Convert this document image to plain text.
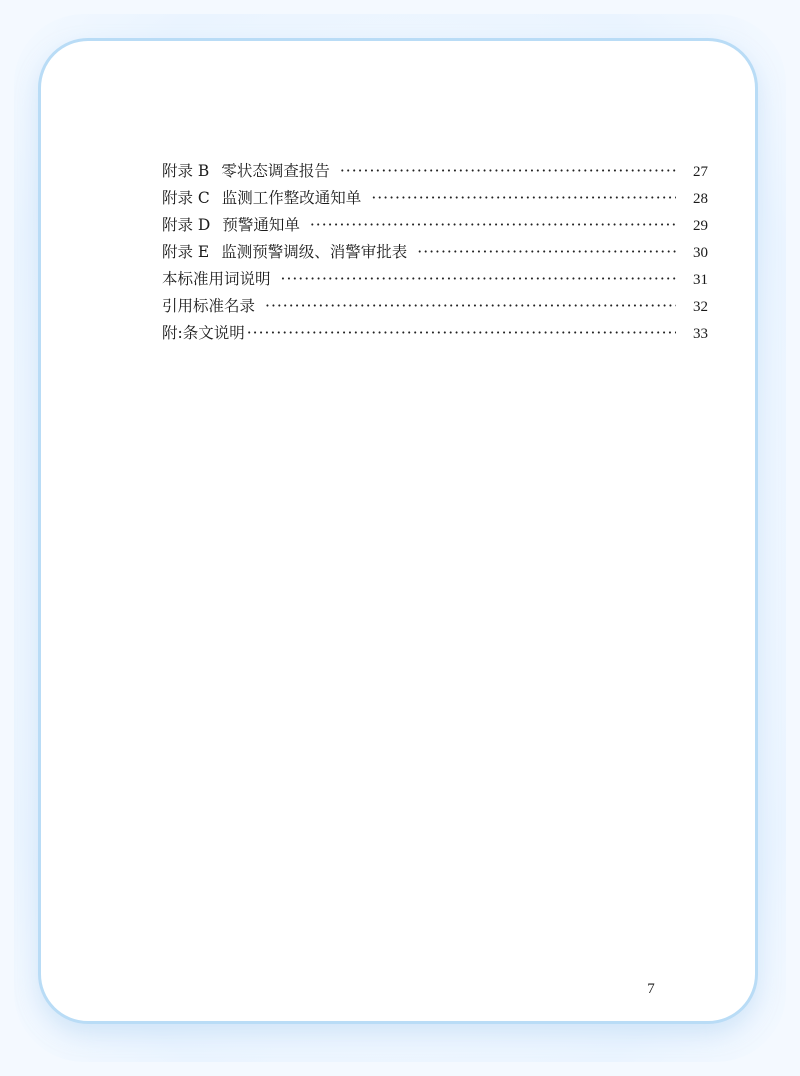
附录 B 零状态调查报告 ·····	27
附录 C 监测工作整改通知单 ·····	28
附录 D 预警通知单 ·····	29
附录 E 监测预警调级、消警审批表 ·····	30
本标准用词说明 ·····	31
引用标准名录 ·····	32
附:条文说明 ·····	33
7
